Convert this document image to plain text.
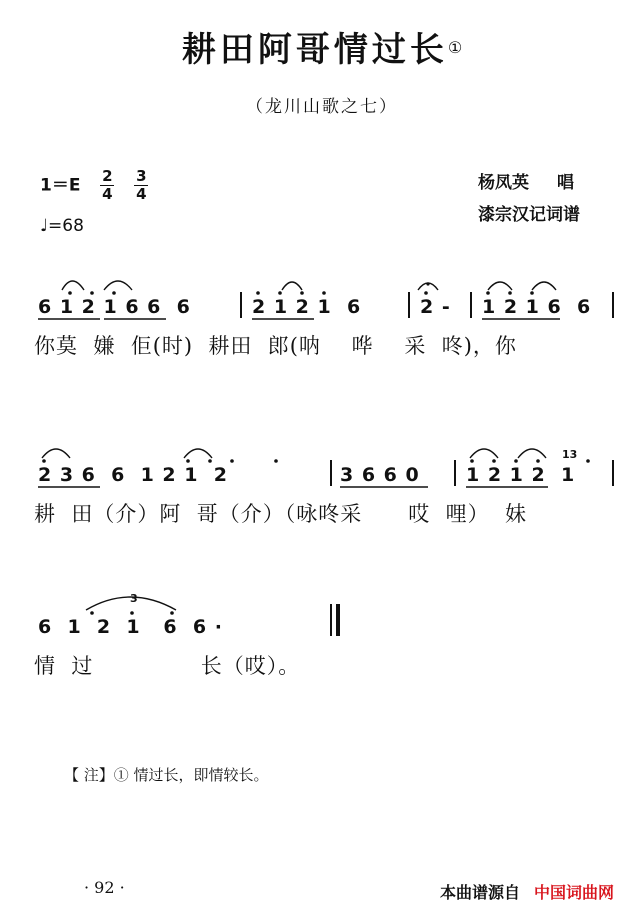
耕田阿哥情过长①
（龙川山歌之七）
$1=E \frac{2}{4}$
$\frac{3}{4}$
♩=68
杨凤英 唱
漆宗汉记词谱
6 1 2 1 6 6  6	2 1 2 1  6	2 - 1 2 1 6  6
你莫  嫌  佢(时)  耕田  郎(呐    哗    采  咚)，你
2 3 6  6  1 2 1  2	3 6 6 0 1 2 1 2  1
13
耕  田（介）阿  哥（介）（咏咚采      哎  哩）  妹
6  1  2  1   6  6 ·
3
情  过              长（哎）。
【 注】① 情过长，即情较长。
· 92 ·	本曲谱源自 中国词曲网
